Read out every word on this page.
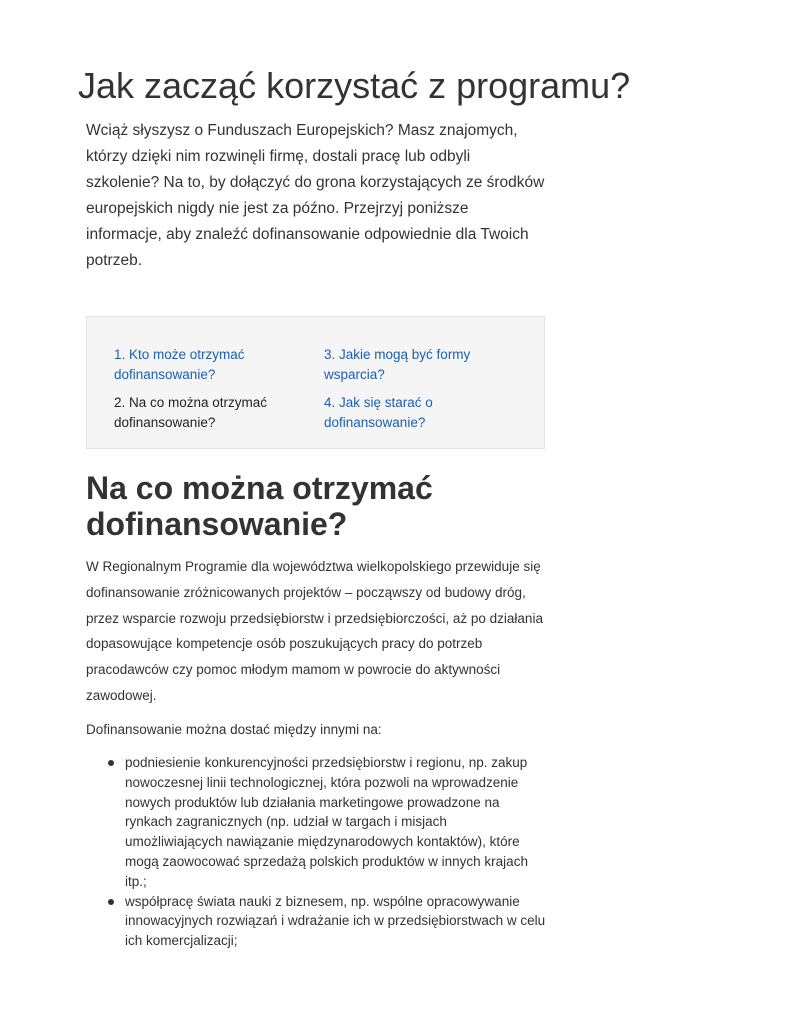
Jak zacząć korzystać z programu?

Wciąż słyszysz o Funduszach Europejskich? Masz znajomych, którzy dzięki nim rozwinęli firmę, dostali pracę lub odbyli szkolenie? Na to, by dołączyć do grona korzystających ze środków europejskich nigdy nie jest za późno. Przejrzyj poniższe informacje, aby znaleźć dofinansowanie odpowiednie dla Twoich potrzeb.

1. Kto może otrzymać dofinansowanie?
2. Na co można otrzymać dofinansowanie?
3. Jakie mogą być formy wsparcia?
4. Jak się starać o dofinansowanie?
Na co można otrzymać dofinansowanie?

W Regionalnym Programie dla województwa wielkopolskiego przewiduje się dofinansowanie zróżnicowanych projektów – począwszy od budowy dróg, przez wsparcie rozwoju przedsiębiorstw i przedsiębiorczości, aż po działania dopasowujące kompetencje osób poszukujących pracy do potrzeb pracodawców czy pomoc młodym mamom w powrocie do aktywności zawodowej.

Dofinansowanie można dostać między innymi na:

podniesienie konkurencyjności przedsiębiorstw i regionu, np. zakup nowoczesnej linii technologicznej, która pozwoli na wprowadzenie nowych produktów lub działania marketingowe prowadzone na rynkach zagranicznych (np. udział w targach i misjach umożliwiających nawiązanie międzynarodowych kontaktów), które mogą zaowocować sprzedażą polskich produktów w innych krajach itp.;
współpracę świata nauki z biznesem, np. wspólne opracowywanie innowacyjnych rozwiązań i wdrażanie ich w przedsiębiorstwach w celu ich komercjalizacji;
